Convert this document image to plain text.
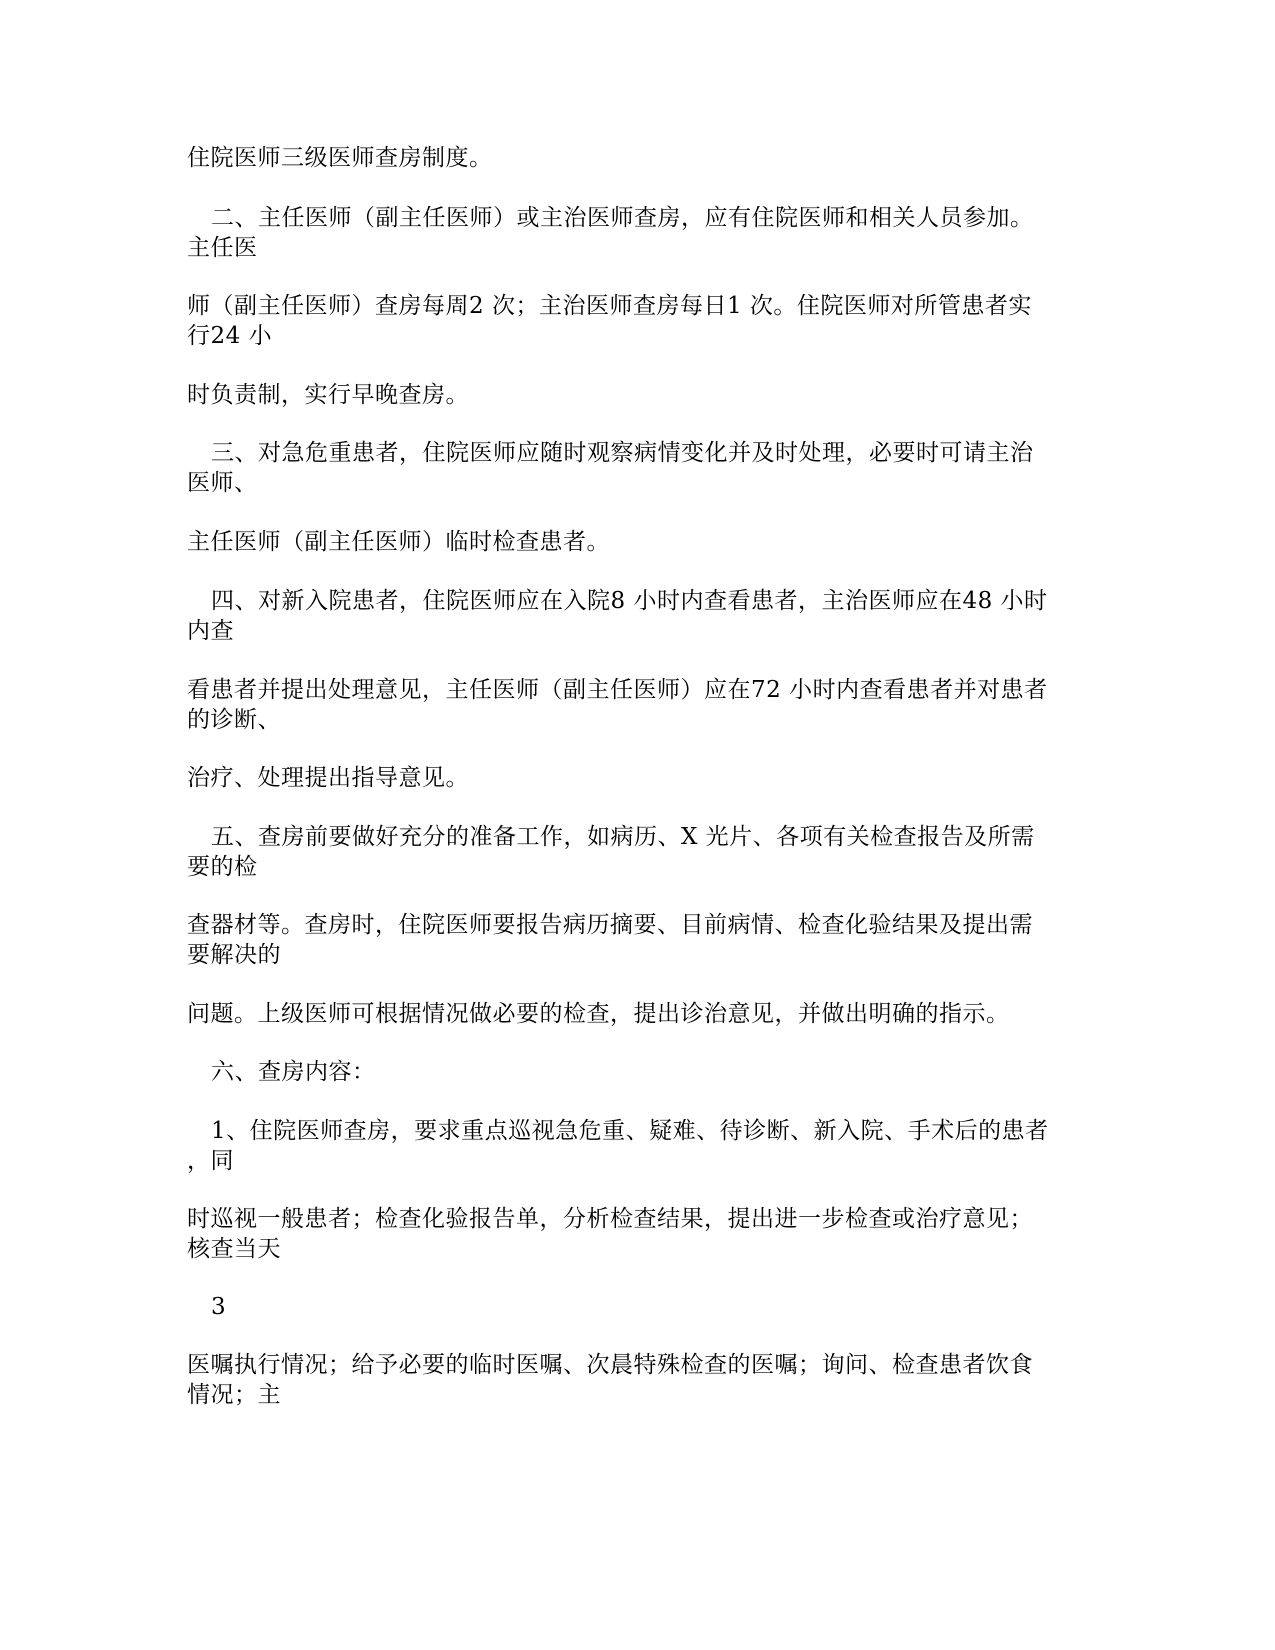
住院医师三级医师查房制度。
二、主任医师（副主任医师）或主治医师查房，应有住院医师和相关人员参加。
主任医
师（副主任医师）查房每周2 次；主治医师查房每日1 次。住院医师对所管患者实
行24 小
时负责制，实行早晚查房。
三、对急危重患者，住院医师应随时观察病情变化并及时处理，必要时可请主治
医师、
主任医师（副主任医师）临时检查患者。
四、对新入院患者，住院医师应在入院8 小时内查看患者，主治医师应在48 小时
内查
看患者并提出处理意见，主任医师（副主任医师）应在72 小时内查看患者并对患者
的诊断、
治疗、处理提出指导意见。
五、查房前要做好充分的准备工作，如病历、X 光片、各项有关检查报告及所需
要的检
查器材等。查房时，住院医师要报告病历摘要、目前病情、检查化验结果及提出需
要解决的
问题。上级医师可根据情况做必要的检查，提出诊治意见，并做出明确的指示。
六、查房内容：
1、住院医师查房，要求重点巡视急危重、疑难、待诊断、新入院、手术后的患者
，同
时巡视一般患者；检查化验报告单，分析检查结果，提出进一步检查或治疗意见；
核查当天
3
医嘱执行情况；给予必要的临时医嘱、次晨特殊检查的医嘱；询问、检查患者饮食
情况；主
